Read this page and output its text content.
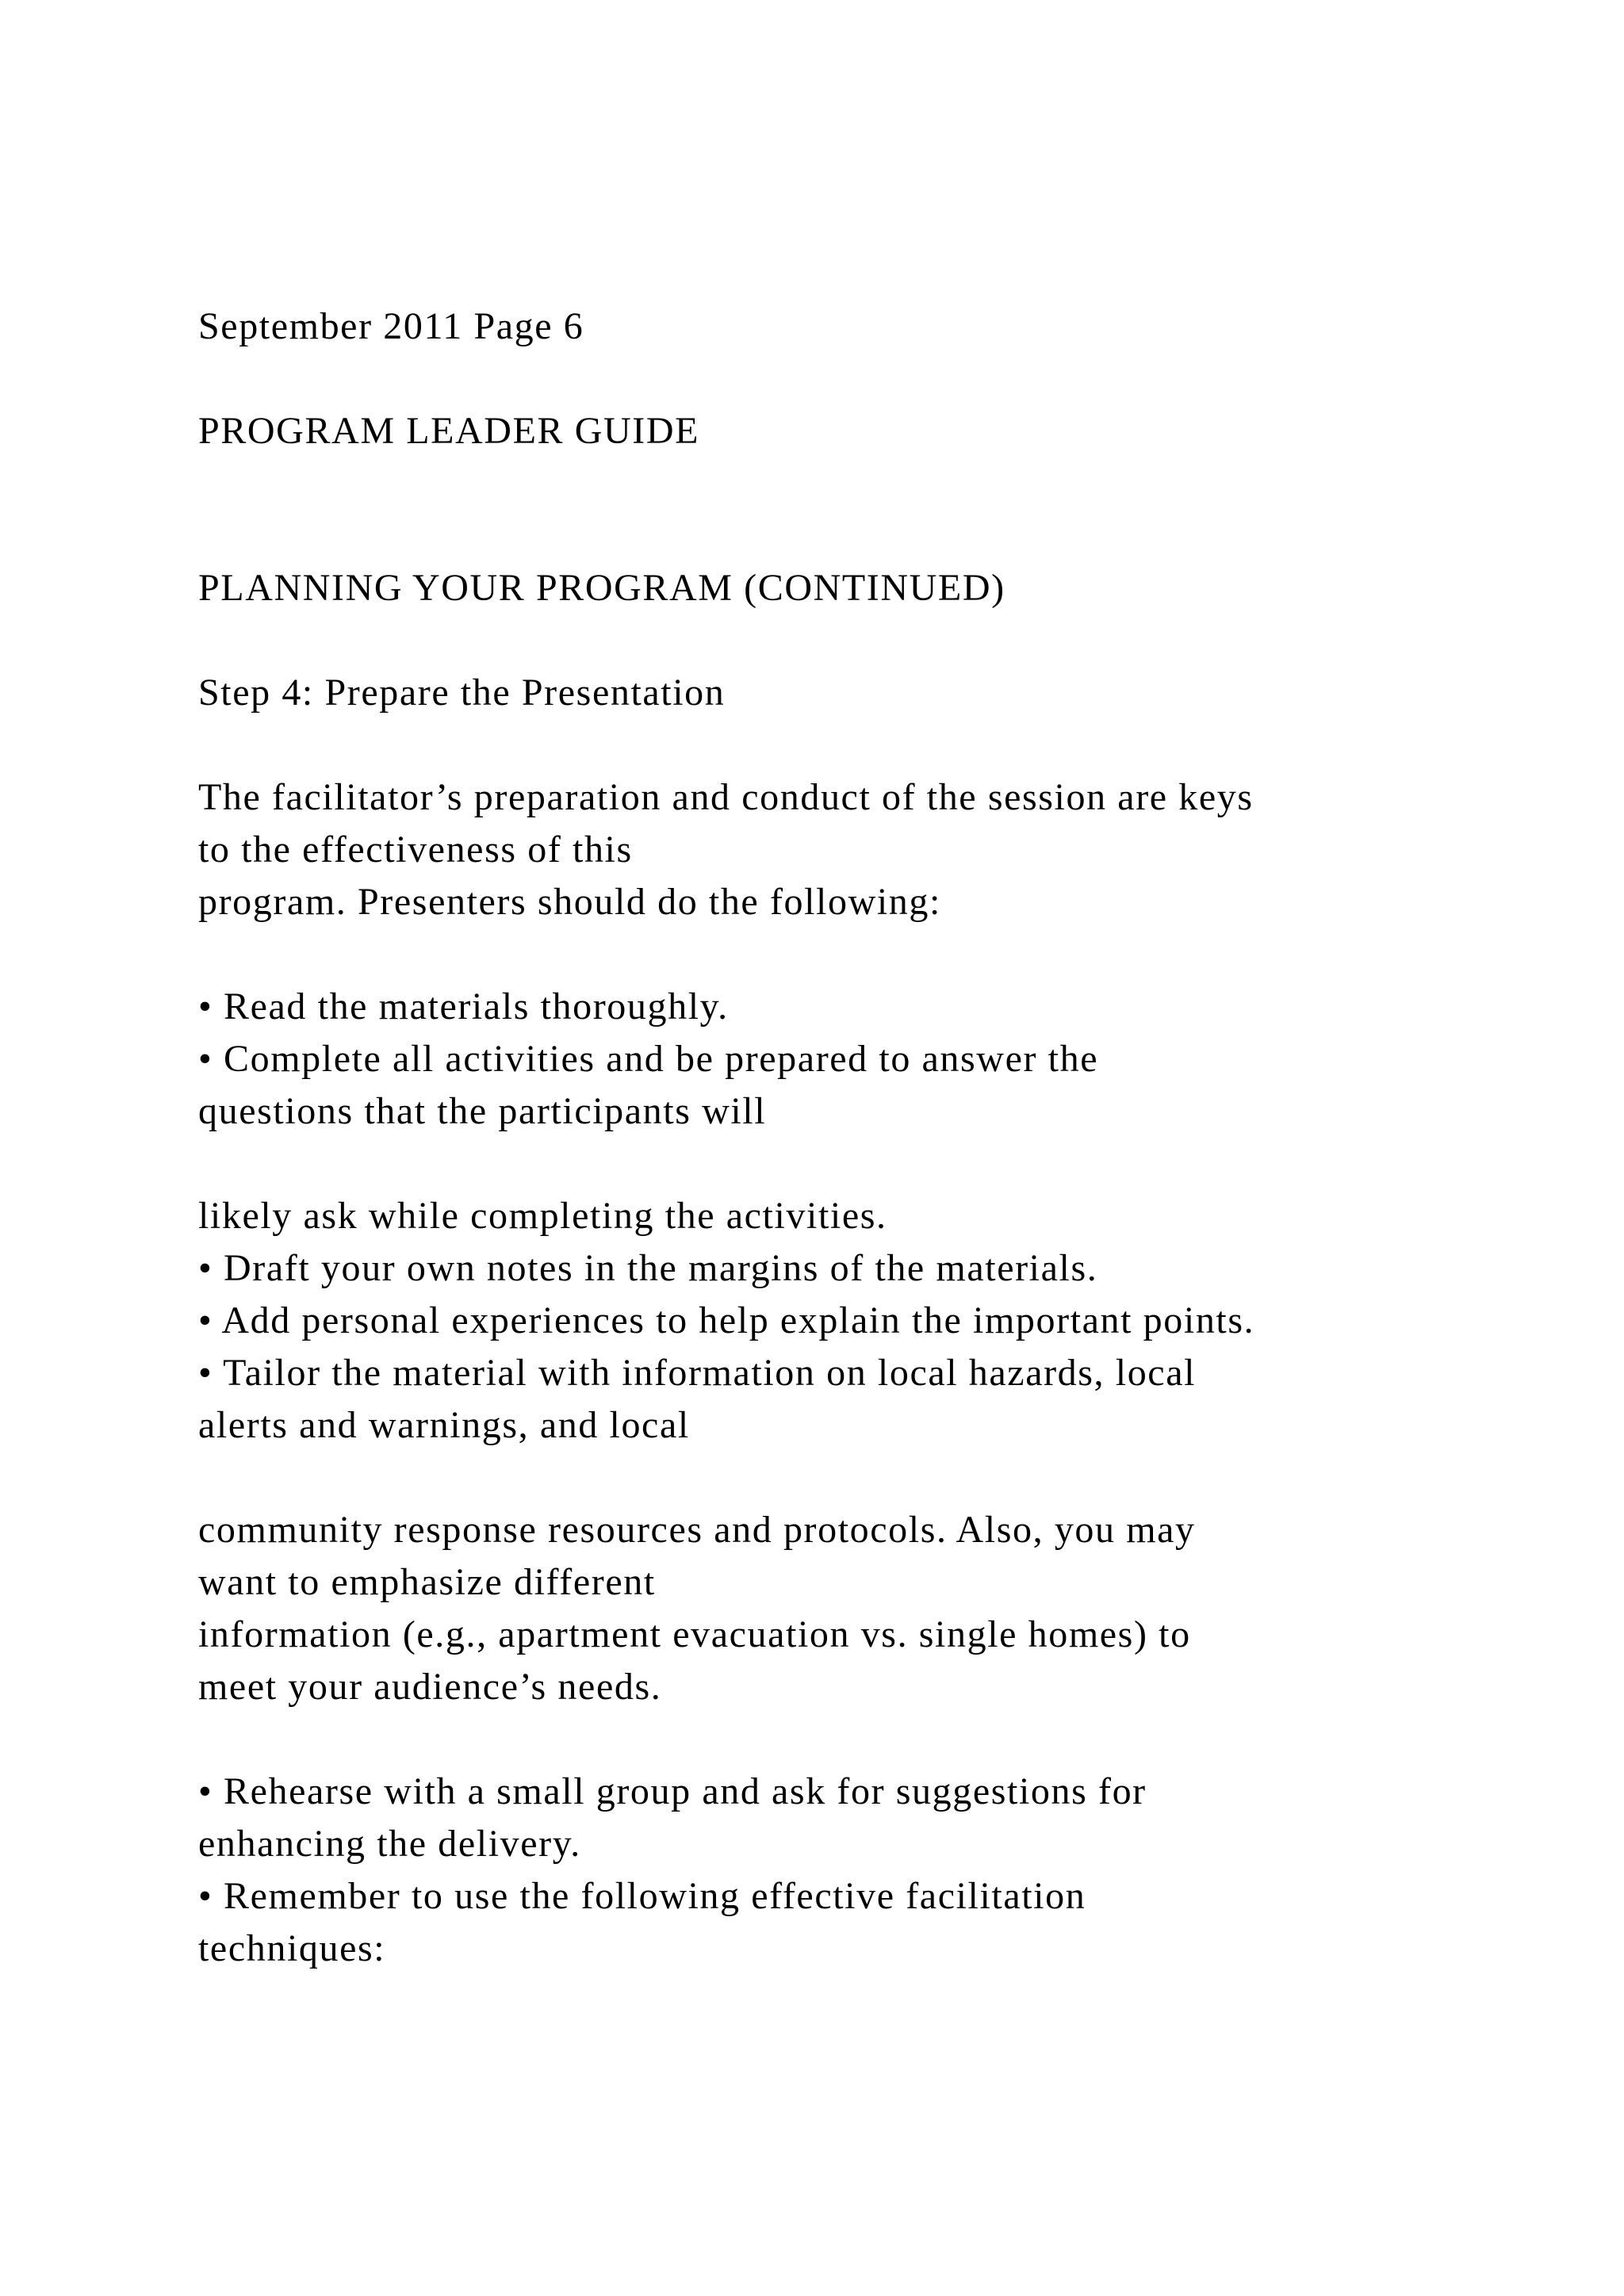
September 2011 Page 6

PROGRAM LEADER GUIDE

PLANNING YOUR PROGRAM (CONTINUED)

Step 4: Prepare the Presentation

The facilitator’s preparation and conduct of the session are keys

to the effectiveness of this

program. Presenters should do the following:

• Read the materials thoroughly.

• Complete all activities and be prepared to answer the

questions that the participants will

likely ask while completing the activities.

• Draft your own notes in the margins of the materials.

• Add personal experiences to help explain the important points.

• Tailor the material with information on local hazards, local

alerts and warnings, and local

community response resources and protocols. Also, you may

want to emphasize different

information (e.g., apartment evacuation vs. single homes) to

meet your audience’s needs.

• Rehearse with a small group and ask for suggestions for

enhancing the delivery.

• Remember to use the following effective facilitation

techniques:
